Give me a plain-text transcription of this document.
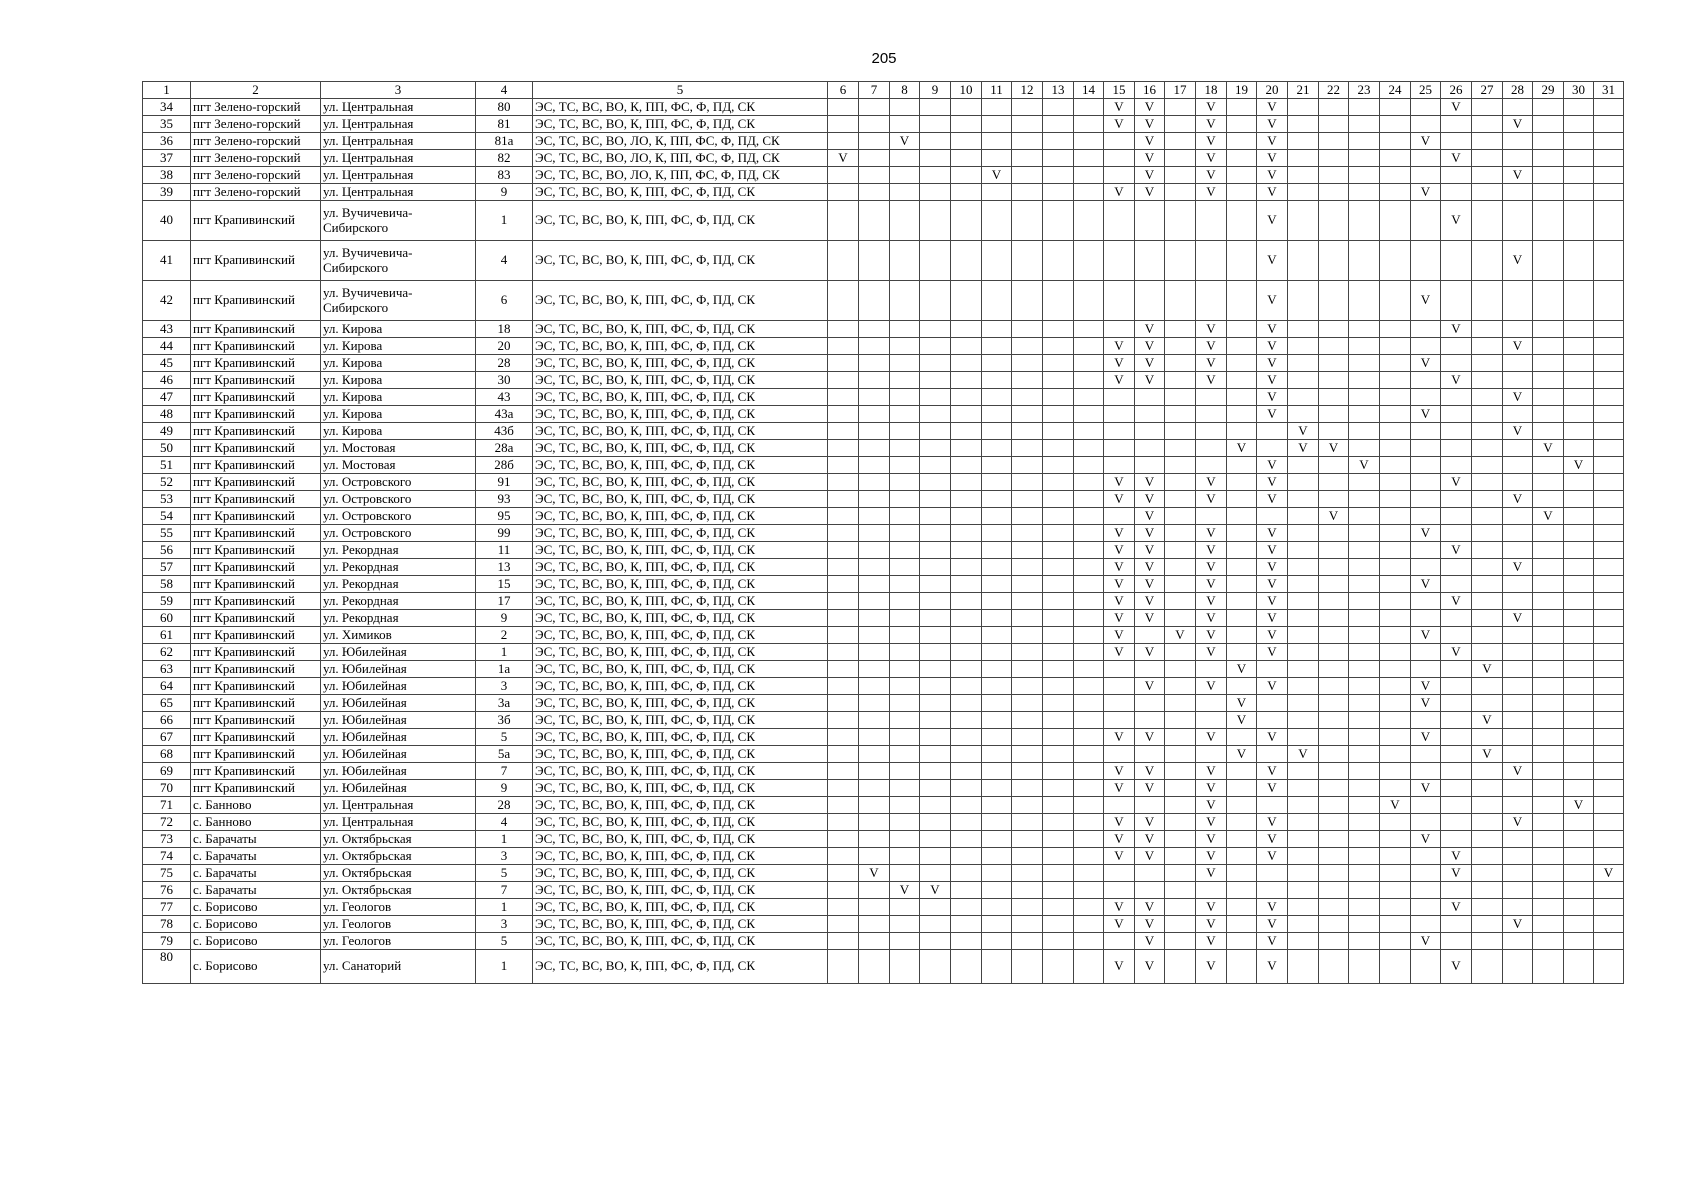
205
1	2	3	4	5	6	7	8	9	10	11	12	13	14	15	16	17	18	19	20	21	22	23	24	25	26	27	28	29	30	31
34	пгт Зелено-горский	ул. Центральная	80	ЭС, ТС, ВС, ВО, К, ПП, ФС, Ф, ПД, СК										V	V		V		V						V					
35	пгт Зелено-горский	ул. Центральная	81	ЭС, ТС, ВС, ВО, К, ПП, ФС, Ф, ПД, СК										V	V		V		V								V			
36	пгт Зелено-горский	ул. Центральная	81а	ЭС, ТС, ВС, ВО, ЛО, К, ПП, ФС, Ф, ПД, СК			V								V		V		V					V						
37	пгт Зелено-горский	ул. Центральная	82	ЭС, ТС, ВС, ВО, ЛО, К, ПП, ФС, Ф, ПД, СК	V										V		V		V						V					
38	пгт Зелено-горский	ул. Центральная	83	ЭС, ТС, ВС, ВО, ЛО, К, ПП, ФС, Ф, ПД, СК						V					V		V		V								V			
39	пгт Зелено-горский	ул. Центральная	9	ЭС, ТС, ВС, ВО, К, ПП, ФС, Ф, ПД, СК										V	V		V		V					V						
40	пгт Крапивинский	ул. Вучичевича-Сибирского	1	ЭС, ТС, ВС, ВО, К, ПП, ФС, Ф, ПД, СК															V						V					
41	пгт Крапивинский	ул. Вучичевича-Сибирского	4	ЭС, ТС, ВС, ВО, К, ПП, ФС, Ф, ПД, СК															V								V			
42	пгт Крапивинский	ул. Вучичевича-Сибирского	6	ЭС, ТС, ВС, ВО, К, ПП, ФС, Ф, ПД, СК															V					V						
43	пгт Крапивинский	ул. Кирова	18	ЭС, ТС, ВС, ВО, К, ПП, ФС, Ф, ПД, СК											V		V		V						V					
44	пгт Крапивинский	ул. Кирова	20	ЭС, ТС, ВС, ВО, К, ПП, ФС, Ф, ПД, СК										V	V		V		V								V			
45	пгт Крапивинский	ул. Кирова	28	ЭС, ТС, ВС, ВО, К, ПП, ФС, Ф, ПД, СК										V	V		V		V					V						
46	пгт Крапивинский	ул. Кирова	30	ЭС, ТС, ВС, ВО, К, ПП, ФС, Ф, ПД, СК										V	V		V		V						V					
47	пгт Крапивинский	ул. Кирова	43	ЭС, ТС, ВС, ВО, К, ПП, ФС, Ф, ПД, СК															V								V			
48	пгт Крапивинский	ул. Кирова	43а	ЭС, ТС, ВС, ВО, К, ПП, ФС, Ф, ПД, СК															V					V						
49	пгт Крапивинский	ул. Кирова	43б	ЭС, ТС, ВС, ВО, К, ПП, ФС, Ф, ПД, СК																V							V			
50	пгт Крапивинский	ул. Мостовая	28а	ЭС, ТС, ВС, ВО, К, ПП, ФС, Ф, ПД, СК														V		V	V							V		
51	пгт Крапивинский	ул. Мостовая	28б	ЭС, ТС, ВС, ВО, К, ПП, ФС, Ф, ПД, СК															V			V							V	
52	пгт Крапивинский	ул. Островского	91	ЭС, ТС, ВС, ВО, К, ПП, ФС, Ф, ПД, СК										V	V		V		V						V					
53	пгт Крапивинский	ул. Островского	93	ЭС, ТС, ВС, ВО, К, ПП, ФС, Ф, ПД, СК										V	V		V		V								V			
54	пгт Крапивинский	ул. Островского	95	ЭС, ТС, ВС, ВО, К, ПП, ФС, Ф, ПД, СК											V						V							V		
55	пгт Крапивинский	ул. Островского	99	ЭС, ТС, ВС, ВО, К, ПП, ФС, Ф, ПД, СК										V	V		V		V					V						
56	пгт Крапивинский	ул. Рекордная	11	ЭС, ТС, ВС, ВО, К, ПП, ФС, Ф, ПД, СК										V	V		V		V						V					
57	пгт Крапивинский	ул. Рекордная	13	ЭС, ТС, ВС, ВО, К, ПП, ФС, Ф, ПД, СК										V	V		V		V								V			
58	пгт Крапивинский	ул. Рекордная	15	ЭС, ТС, ВС, ВО, К, ПП, ФС, Ф, ПД, СК										V	V		V		V					V						
59	пгт Крапивинский	ул. Рекордная	17	ЭС, ТС, ВС, ВО, К, ПП, ФС, Ф, ПД, СК										V	V		V		V						V					
60	пгт Крапивинский	ул. Рекордная	9	ЭС, ТС, ВС, ВО, К, ПП, ФС, Ф, ПД, СК										V	V		V		V								V			
61	пгт Крапивинский	ул. Химиков	2	ЭС, ТС, ВС, ВО, К, ПП, ФС, Ф, ПД, СК										V		V	V		V					V						
62	пгт Крапивинский	ул. Юбилейная	1	ЭС, ТС, ВС, ВО, К, ПП, ФС, Ф, ПД, СК										V	V		V		V						V					
63	пгт Крапивинский	ул. Юбилейная	1а	ЭС, ТС, ВС, ВО, К, ПП, ФС, Ф, ПД, СК														V								V				
64	пгт Крапивинский	ул. Юбилейная	3	ЭС, ТС, ВС, ВО, К, ПП, ФС, Ф, ПД, СК											V		V		V					V						
65	пгт Крапивинский	ул. Юбилейная	3а	ЭС, ТС, ВС, ВО, К, ПП, ФС, Ф, ПД, СК														V						V						
66	пгт Крапивинский	ул. Юбилейная	3б	ЭС, ТС, ВС, ВО, К, ПП, ФС, Ф, ПД, СК														V								V				
67	пгт Крапивинский	ул. Юбилейная	5	ЭС, ТС, ВС, ВО, К, ПП, ФС, Ф, ПД, СК										V	V		V		V					V						
68	пгт Крапивинский	ул. Юбилейная	5а	ЭС, ТС, ВС, ВО, К, ПП, ФС, Ф, ПД, СК														V		V						V				
69	пгт Крапивинский	ул. Юбилейная	7	ЭС, ТС, ВС, ВО, К, ПП, ФС, Ф, ПД, СК										V	V		V		V								V			
70	пгт Крапивинский	ул. Юбилейная	9	ЭС, ТС, ВС, ВО, К, ПП, ФС, Ф, ПД, СК										V	V		V		V					V						
71	с. Банново	ул. Центральная	28	ЭС, ТС, ВС, ВО, К, ПП, ФС, Ф, ПД, СК													V						V						V	
72	с. Банново	ул. Центральная	4	ЭС, ТС, ВС, ВО, К, ПП, ФС, Ф, ПД, СК										V	V		V		V								V			
73	с. Барачаты	ул. Октябрьская	1	ЭС, ТС, ВС, ВО, К, ПП, ФС, Ф, ПД, СК										V	V		V		V					V						
74	с. Барачаты	ул. Октябрьская	3	ЭС, ТС, ВС, ВО, К, ПП, ФС, Ф, ПД, СК										V	V		V		V						V					
75	с. Барачаты	ул. Октябрьская	5	ЭС, ТС, ВС, ВО, К, ПП, ФС, Ф, ПД, СК		V											V								V					V
76	с. Барачаты	ул. Октябрьская	7	ЭС, ТС, ВС, ВО, К, ПП, ФС, Ф, ПД, СК			V	V																						
77	с. Борисово	ул. Геологов	1	ЭС, ТС, ВС, ВО, К, ПП, ФС, Ф, ПД, СК										V	V		V		V						V					
78	с. Борисово	ул. Геологов	3	ЭС, ТС, ВС, ВО, К, ПП, ФС, Ф, ПД, СК										V	V		V		V								V			
79	с. Борисово	ул. Геологов	5	ЭС, ТС, ВС, ВО, К, ПП, ФС, Ф, ПД, СК											V		V		V					V						
80	с. Борисово	ул. Санаторий	1	ЭС, ТС, ВС, ВО, К, ПП, ФС, Ф, ПД, СК										V	V		V		V						V					
